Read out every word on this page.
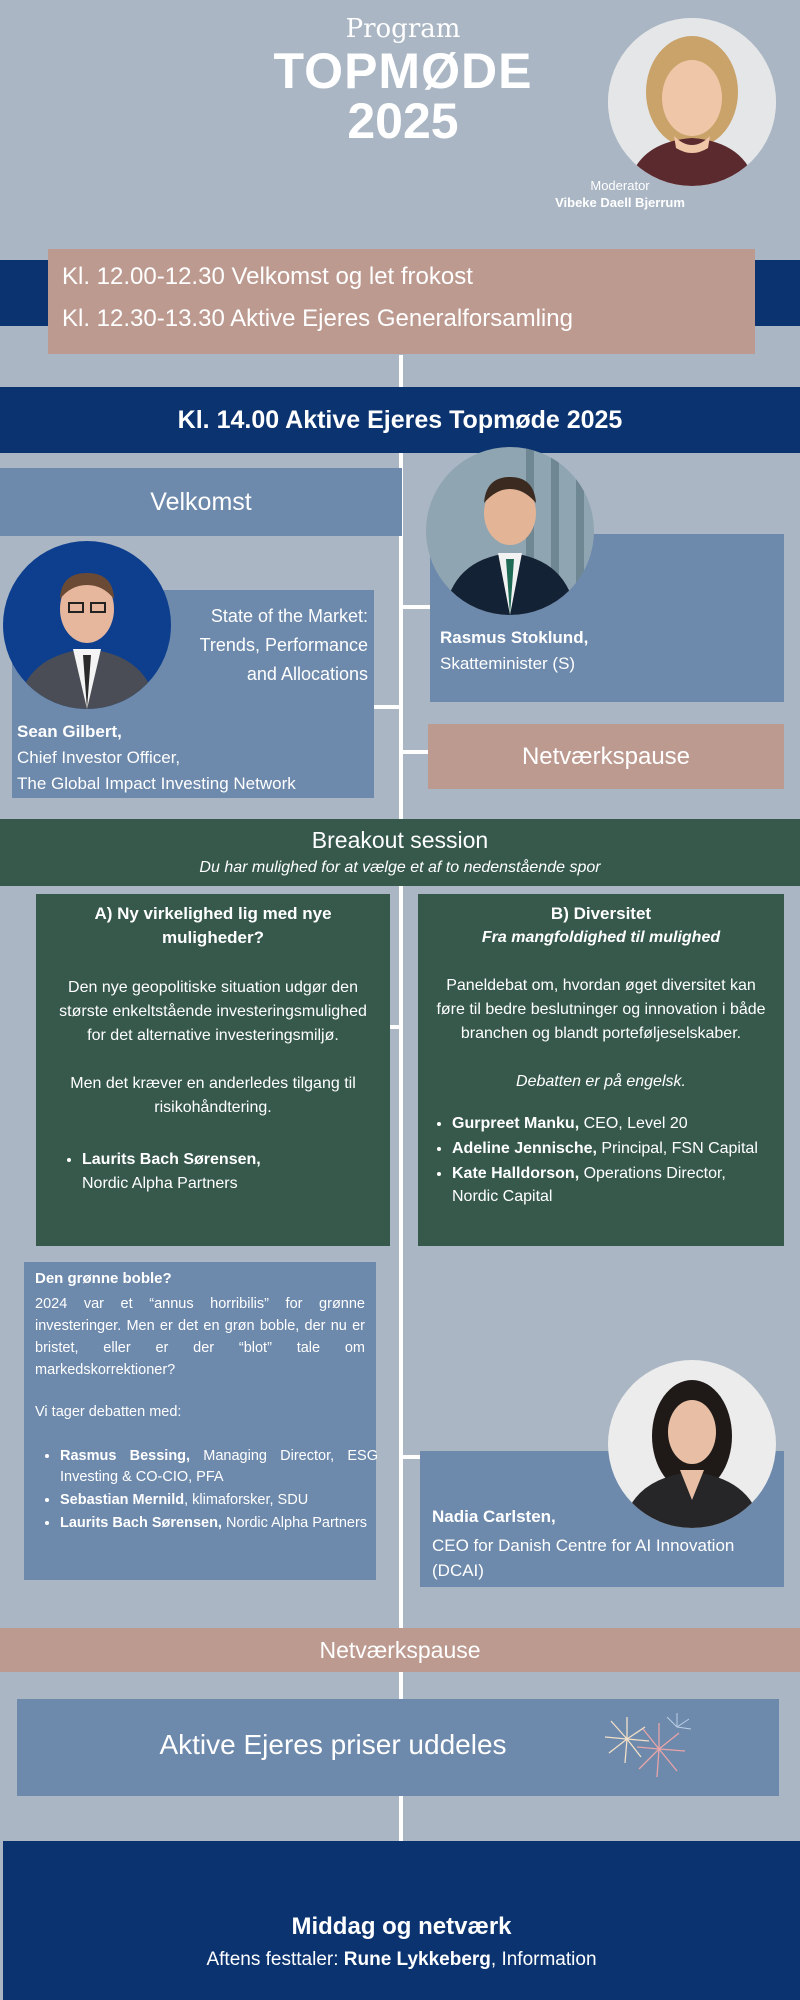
Program
TOPMØDE
2025
Moderator
Vibeke Daell Bjerrum
Kl. 12.00-12.30 Velkomst og let frokost
Kl. 12.30-13.30 Aktive Ejeres Generalforsamling
Kl. 14.00 Aktive Ejeres Topmøde 2025
Velkomst
Rasmus Stoklund,
Skatteminister (S)
State of the Market: Trends, Performance and Allocations
Sean Gilbert,
Chief Investor Officer,
The Global Impact Investing Network
Netværkspause
Breakout session
Du har mulighed for at vælge et af to nedenstående spor
A) Ny virkelighed lig med nye muligheder?
Den nye geopolitiske situation udgør den største enkeltstående investeringsmulighed for det alternative investeringsmiljø.
Men det kræver en anderledes tilgang til risikohåndtering.
• Laurits Bach Sørensen,
Nordic Alpha Partners
B) Diversitet
Fra mangfoldighed til mulighed
Paneldebat om, hvordan øget diversitet kan føre til bedre beslutninger og innovation i både branchen og blandt porteføljeselskaber.
Debatten er på engelsk.
• Gurpreet Manku, CEO, Level 20
• Adeline Jennische, Principal, FSN Capital
• Kate Halldorson, Operations Director, Nordic Capital
Den grønne boble?
2024 var et “annus horribilis” for grønne investeringer. Men er det en grøn boble, der nu er bristet, eller er der “blot” tale om markedskorrektioner?
Vi tager debatten med:
• Rasmus Bessing, Managing Director, ESG Investing & CO-CIO, PFA
• Sebastian Mernild, klimaforsker, SDU
• Laurits Bach Sørensen, Nordic Alpha Partners	Nadia Carlsten,
CEO for Danish Centre for AI Innovation (DCAI)
Netværkspause
Aktive Ejeres priser uddeles
Middag og netværk
Aftens festtaler: Rune Lykkeberg, Information
